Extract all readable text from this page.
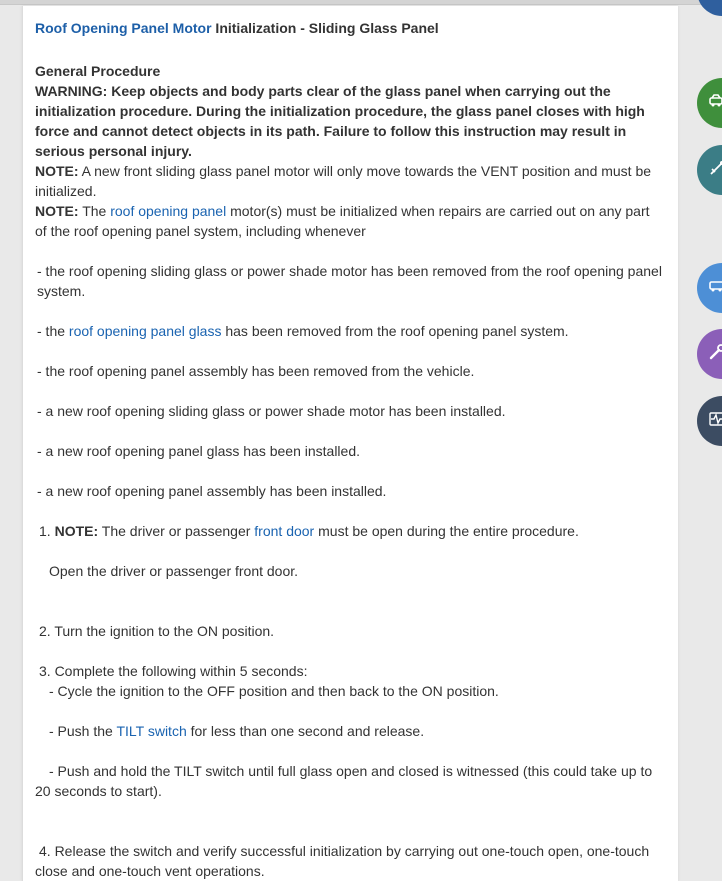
Roof Opening Panel Motor Initialization - Sliding Glass Panel

General Procedure

WARNING: Keep objects and body parts clear of the glass panel when carrying out the initialization procedure. During the initialization procedure, the glass panel closes with high force and cannot detect objects in its path. Failure to follow this instruction may result in serious personal injury.

NOTE: A new front sliding glass panel motor will only move towards the VENT position and must be initialized.

NOTE: The roof opening panel motor(s) must be initialized when repairs are carried out on any part of the roof opening panel system, including whenever

- the roof opening sliding glass or power shade motor has been removed from the roof opening panel system.

- the roof opening panel glass has been removed from the roof opening panel system.

- the roof opening panel assembly has been removed from the vehicle.

- a new roof opening sliding glass or power shade motor has been installed.

- a new roof opening panel glass has been installed.

- a new roof opening panel assembly has been installed.

1. NOTE: The driver or passenger front door must be open during the entire procedure.

Open the driver or passenger front door.

2. Turn the ignition to the ON position.

3. Complete the following within 5 seconds:

- Cycle the ignition to the OFF position and then back to the ON position.

- Push the TILT switch for less than one second and release.

- Push and hold the TILT switch until full glass open and closed is witnessed (this could take up to 20 seconds to start).

4. Release the switch and verify successful initialization by carrying out one-touch open, one-touch close and one-touch vent operations.
